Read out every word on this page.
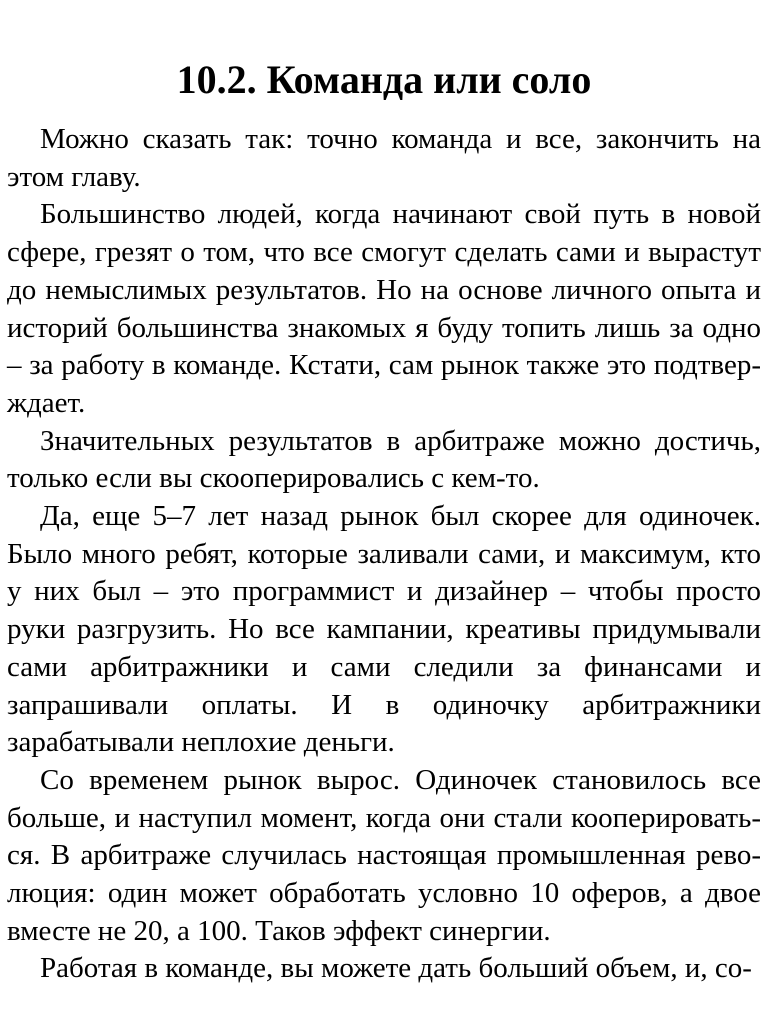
10.2. Команда или соло

Можно сказать так: точно команда и все, закончить на этом главу.

Большинство людей, когда начинают свой путь в новой сфере, грезят о том, что все смогут сделать сами и вырастут до немыслимых результатов. Но на основе личного опыта и историй большинства знакомых я буду топить лишь за одно – за работу в команде. Кстати, сам рынок также это подтверждает.

Значительных результатов в арбитраже можно достичь, только если вы скооперировались с кем-то.

Да, еще 5–7 лет назад рынок был скорее для одиночек. Было много ребят, которые заливали сами, и максимум, кто у них был – это программист и дизайнер – чтобы просто руки разгрузить. Но все кампании, креативы придумывали сами арбитражники и сами следили за финансами и запрашивали оплаты. И в одиночку арбитражники зарабатывали неплохие деньги.

Со временем рынок вырос. Одиночек становилось все больше, и наступил момент, когда они стали кооперироваться. В арбитраже случилась настоящая промышленная революция: один может обработать условно 10 оферов, а двое вместе не 20, а 100. Таков эффект синергии.

Работая в команде, вы можете дать больший объем, и, со-
